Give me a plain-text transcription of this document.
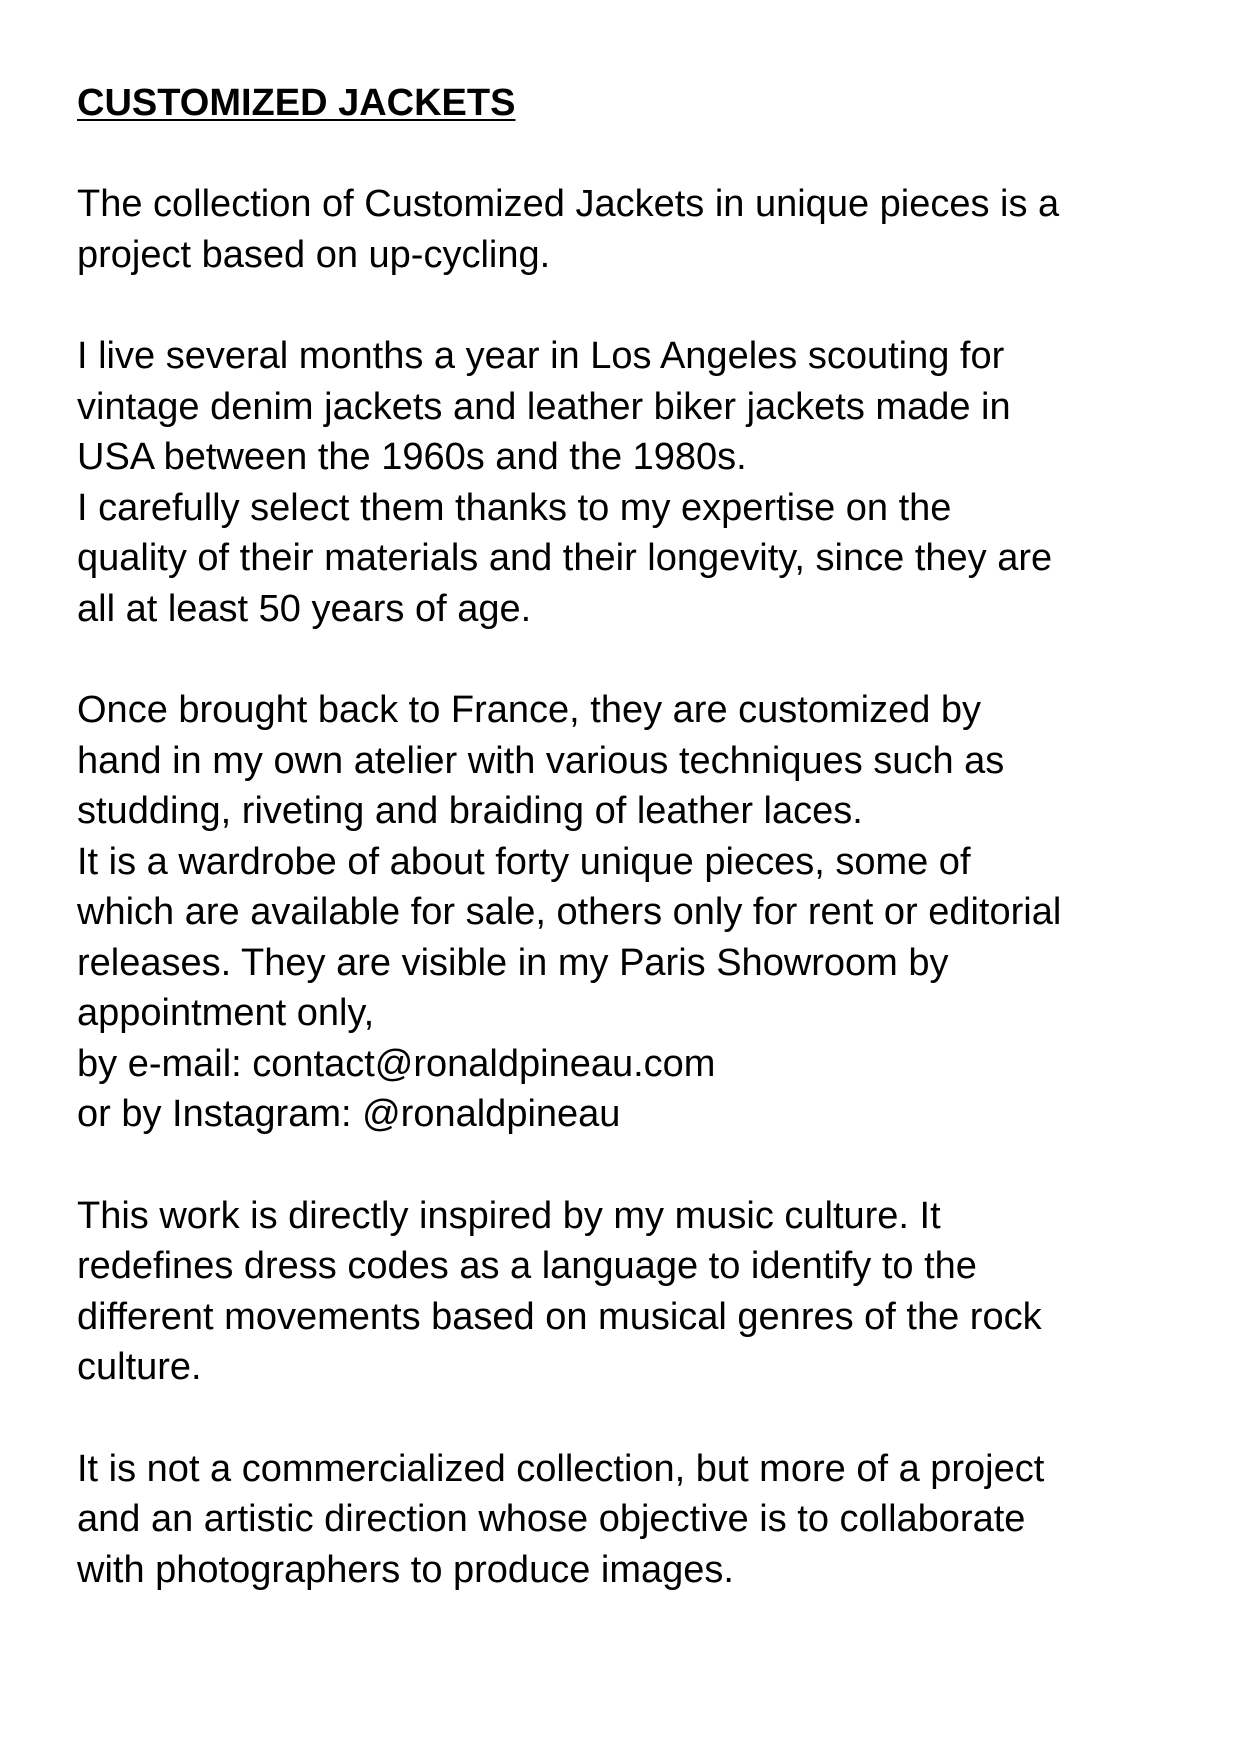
CUSTOMIZED JACKETS

The collection of Customized Jackets in unique pieces is a
project based on up-cycling.

I live several months a year in Los Angeles scouting for
vintage denim jackets and leather biker jackets made in
USA between the 1960s and the 1980s.
I carefully select them thanks to my expertise on the
quality of their materials and their longevity, since they are
all at least 50 years of age.

Once brought back to France, they are customized by
hand in my own atelier with various techniques such as
studding, riveting and braiding of leather laces.
It is a wardrobe of about forty unique pieces, some of
which are available for sale, others only for rent or editorial
releases. They are visible in my Paris Showroom by
appointment only,
by e-mail: contact@ronaldpineau.com
or by Instagram: @ronaldpineau

This work is directly inspired by my music culture. It
redefines dress codes as a language to identify to the
different movements based on musical genres of the rock
culture.

It is not a commercialized collection, but more of a project
and an artistic direction whose objective is to collaborate
with photographers to produce images.
